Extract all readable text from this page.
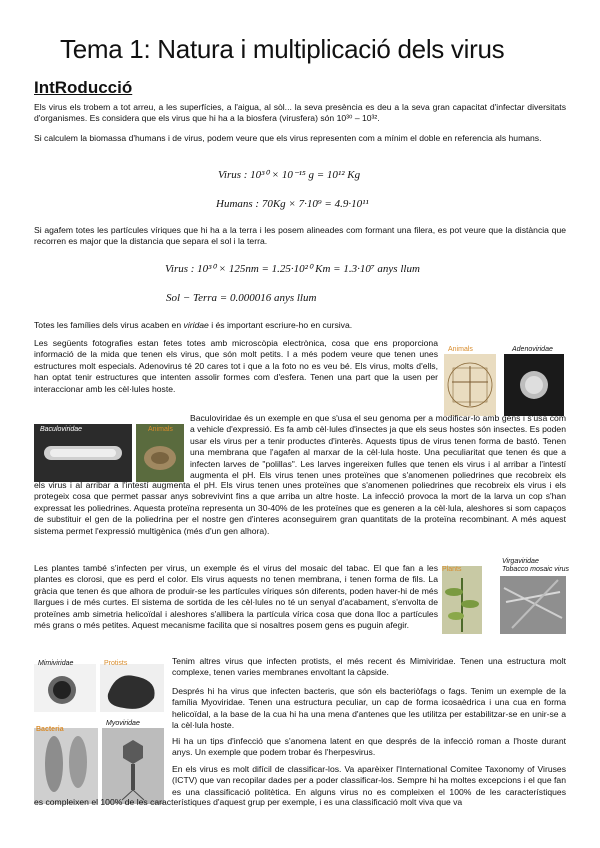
Tema 1: Natura i multiplicació dels virus
IntRoducció

Els virus els trobem a tot arreu, a les superfícies, a l'aigua, al sòl... la seva presència es deu a la seva gran capacitat d'infectar diversitats d'organismes. Es considera que els virus que hi ha a la biosfera (virusfera) són 10³⁰ – 10³².

Si calculem la biomassa d'humans i de virus, podem veure que els virus representen com a mínim el doble en referencia als humans.

Virus : 10³⁰ × 10⁻¹⁵ g = 10¹² Kg
Humans : 70Kg × 7·10⁹ = 4.9·10¹¹

Si agafem totes les partícules víriques que hi ha a la terra i les posem alineades com formant una filera, es pot veure que la distància que recorren es major que la distancia que separa el sol i la terra.

Virus : 10³⁰ × 125nm = 1.25·10²⁰ Km = 1.3·10⁷ anys llum
Sol − Terra = 0.000016 anys llum

Totes les famílies dels virus acaben en viridae i és important escriure-ho en cursiva.

Les següents fotografies estan fetes totes amb microscòpia electrònica, cosa que ens proporciona informació de la mida que tenen els virus, que són molt petits. I a més podem veure que tenen unes estructures molt especials. Adenovirus té 20 cares tot i que a la foto no es veu bé. Els virus, molts d'ells, han optat tenir estructures que intenten assolir formes com d'esfera. Tenen una part que la usen per interaccionar amb les cèl·lules hoste.

Animals	Adenoviridae
Baculoviridae	Animals

Baculoviridae és un exemple en que s'usa el seu genoma per a modificar-lo amb gens i s'usa com a vehicle d'expressió. Es fa amb cèl·lules d'insectes ja que els seus hostes són insectes. Es poden usar els virus per a tenir productes d'interès. Aquests tipus de virus tenen forma de bastó. Tenen una membrana que l'agafen al marxar de la cèl·lula hoste. Una peculiaritat que tenen és que a infecten larves de "polillas". Les larves ingereixen fulles que tenen els virus i al arribar a l'intestí augmenta el pH. Els virus tenen unes proteïnes que s'anomenen poliedrines que recobreix els

els virus i al arribar a l'intestí augmenta el pH. Els virus tenen unes proteïnes que s'anomenen poliedrines que recobreix els virus i els protegeix cosa que permet passar anys sobrevivint fins a que arriba un altre hoste. La infecció provoca la mort de la larva un cop s'han expressat les poliedrines. Aquesta proteïna representa un 30-40% de les proteïnes que es generen a la cèl·lula, aleshores si som capaços de substituir el gen de la poliedrina per el nostre gen d'interes aconseguirem gran quantitats de la proteïna recombinant. A més aquest sistema permet l'expressió multigènica (més d'un gen alhora).

Les plantes també s'infecten per virus, un exemple és el virus del mosaic del tabac. El que fan a les plantes es clorosi, que es perd el color. Els virus aquests no tenen membrana, i tenen forma de fils. La gràcia que tenen és que alhora de produir-se les partícules víriques són diferents, poden haver-hi de més llargues i de més curtes. El sistema de sortida de les cèl·lules no té un senyal d'acabament, s'envolta de proteïnes amb simetria helicoïdal i aleshores s'allibera la partícula vírica cosa que dona lloc a partícules més grans o més petites. Aquest mecanisme facilita que si nosaltres posem gens es puguin afegir.

Plants
Virgaviridae
Tobacco mosaic virus
Mimiviridae	Protists
Bacteria
Myoviridae

Tenim altres virus que infecten protists, el més recent és Mimiviridae. Tenen una estructura molt complexe, tenen varies membranes envoltant la càpside.

Després hi ha virus que infecten bacteris, que són els bacteriòfags o fags. Tenim un exemple de la família Myoviridae. Tenen una estructura peculiar, un cap de forma icosaèdrica i una cua en forma helicoïdal, a la base de la cua hi ha una mena d'antenes que les utilitza per estabilitzar-se en unir-se a la cèl·lula hoste.

Hi ha un tips d'infecció que s'anomena latent en que després de la infecció roman a l'hoste durant anys. Un exemple que podem trobar és l'herpesvirus.

En els virus es molt difícil de classificar-los. Va aparèixer l'International Comitee Taxonomy of Viruses (ICTV) que van recopilar dades per a poder classificar-los. Sempre hi ha moltes excepcions i el que fan es una classificació politètica. En alguns virus no es compleixen el 100% de les característiques

es compleixen el 100% de les característiques d'aquest grup per exemple, i es una classificació molt viva que va
